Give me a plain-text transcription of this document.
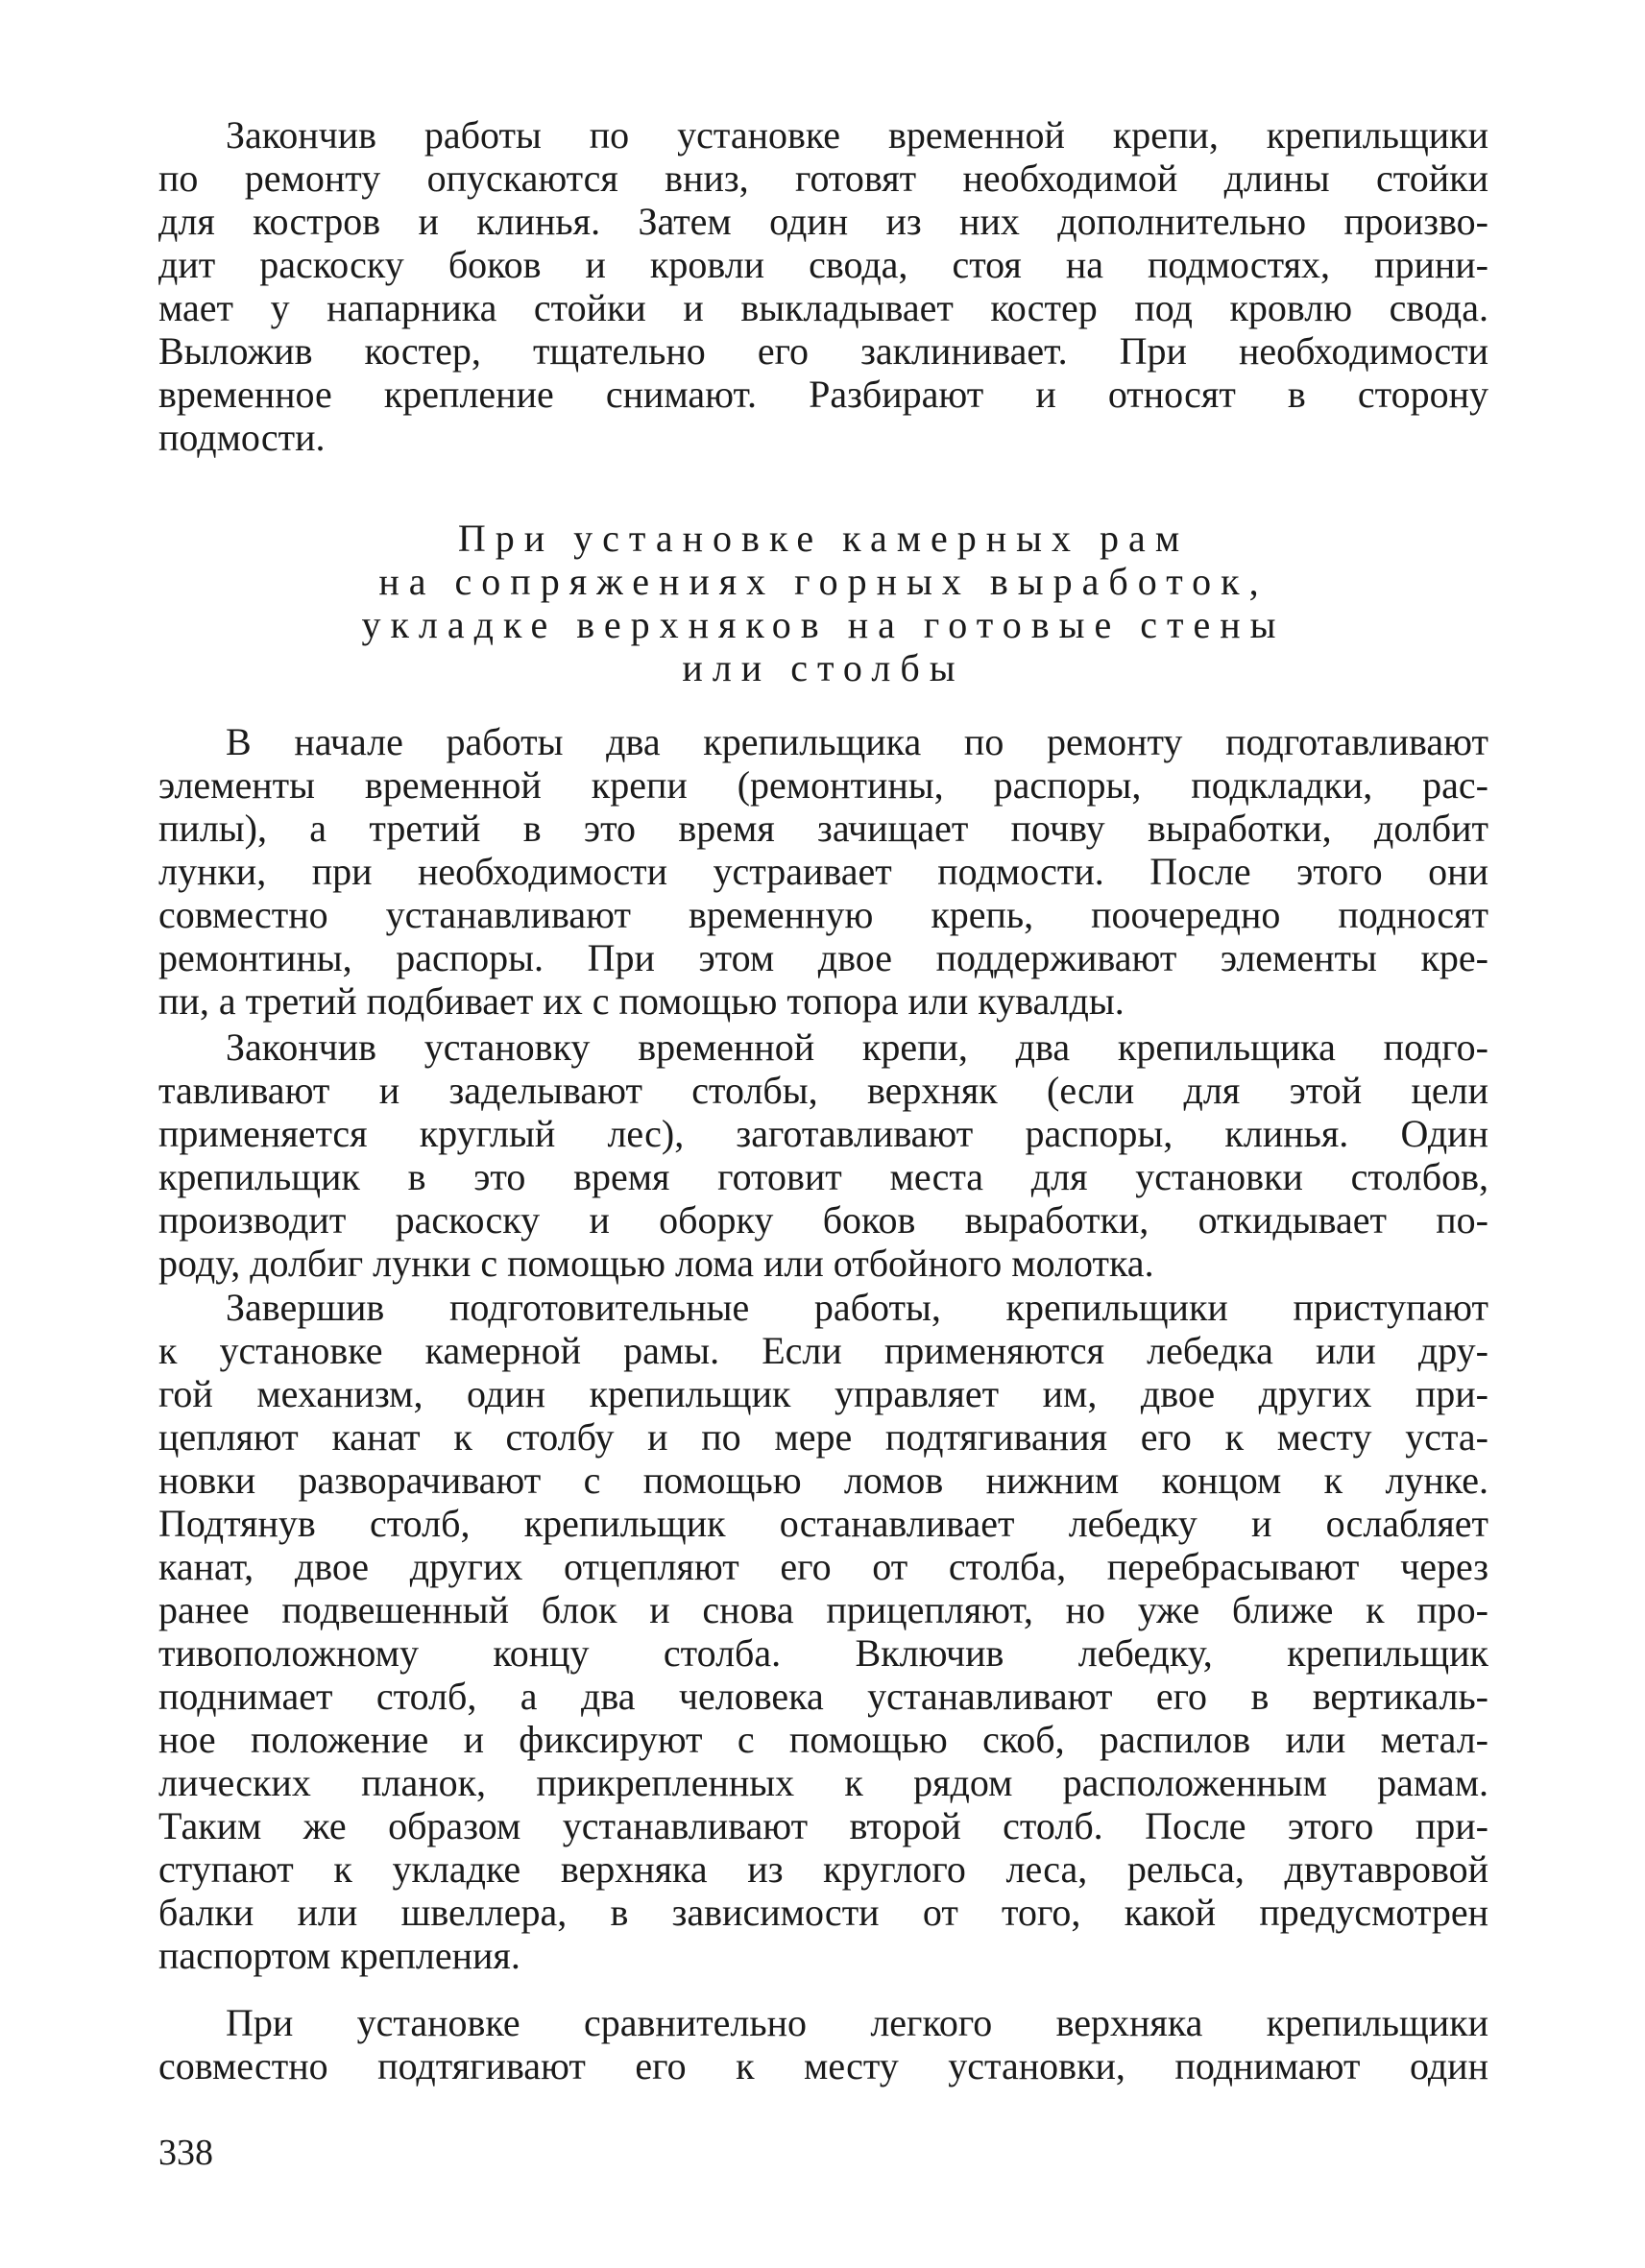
Закончив работы по установке временной крепи, крепильщики
по ремонту опускаются вниз, готовят необходимой длины стойки
для костров и клинья. Затем один из них дополнительно произво-
дит раскоску боков и кровли свода, стоя на подмостях, прини-
мает у напарника стойки и выкладывает костер под кровлю свода.
Выложив костер, тщательно его заклинивает. При необходимости
временное крепление снимают. Разбирают и относят в сторону
подмости.
При установке камерных рам
на сопряжениях горных выработок,
укладке верхняков на готовые стены
или столбы
В начале работы два крепильщика по ремонту подготавливают
элементы временной крепи (ремонтины, распоры, подкладки, рас-
пилы), а третий в это время зачищает почву выработки, долбит
лунки, при необходимости устраивает подмости. После этого они
совместно устанавливают временную крепь, поочередно подносят
ремонтины, распоры. При этом двое поддерживают элементы кре-
пи, а третий подбивает их с помощью топора или кувалды.
Закончив установку временной крепи, два крепильщика подго-
тавливают и заделывают столбы, верхняк (если для этой цели
применяется круглый лес), заготавливают распоры, клинья. Один
крепильщик в это время готовит места для установки столбов,
производит раскоску и оборку боков выработки, откидывает по-
роду, долбиг лунки с помощью лома или отбойного молотка.
Завершив подготовительные работы, крепильщики приступают
к установке камерной рамы. Если применяются лебедка или дру-
гой механизм, один крепильщик управляет им, двое других при-
цепляют канат к столбу и по мере подтягивания его к месту уста-
новки разворачивают с помощью ломов нижним концом к лунке.
Подтянув столб, крепильщик останавливает лебедку и ослабляет
канат, двое других отцепляют его от столба, перебрасывают через
ранее подвешенный блок и снова прицепляют, но уже ближе к про-
тивоположному концу столба. Включив лебедку, крепильщик
поднимает столб, а два человека устанавливают его в вертикаль-
ное положение и фиксируют с помощью скоб, распилов или метал-
лических планок, прикрепленных к рядом расположенным рамам.
Таким же образом устанавливают второй столб. После этого при-
ступают к укладке верхняка из круглого леса, рельса, двутавровой
балки или швеллера, в зависимости от того, какой предусмотрен
паспортом крепления.
При установке сравнительно легкого верхняка крепильщики
совместно подтягивают его к месту установки, поднимают один
338
